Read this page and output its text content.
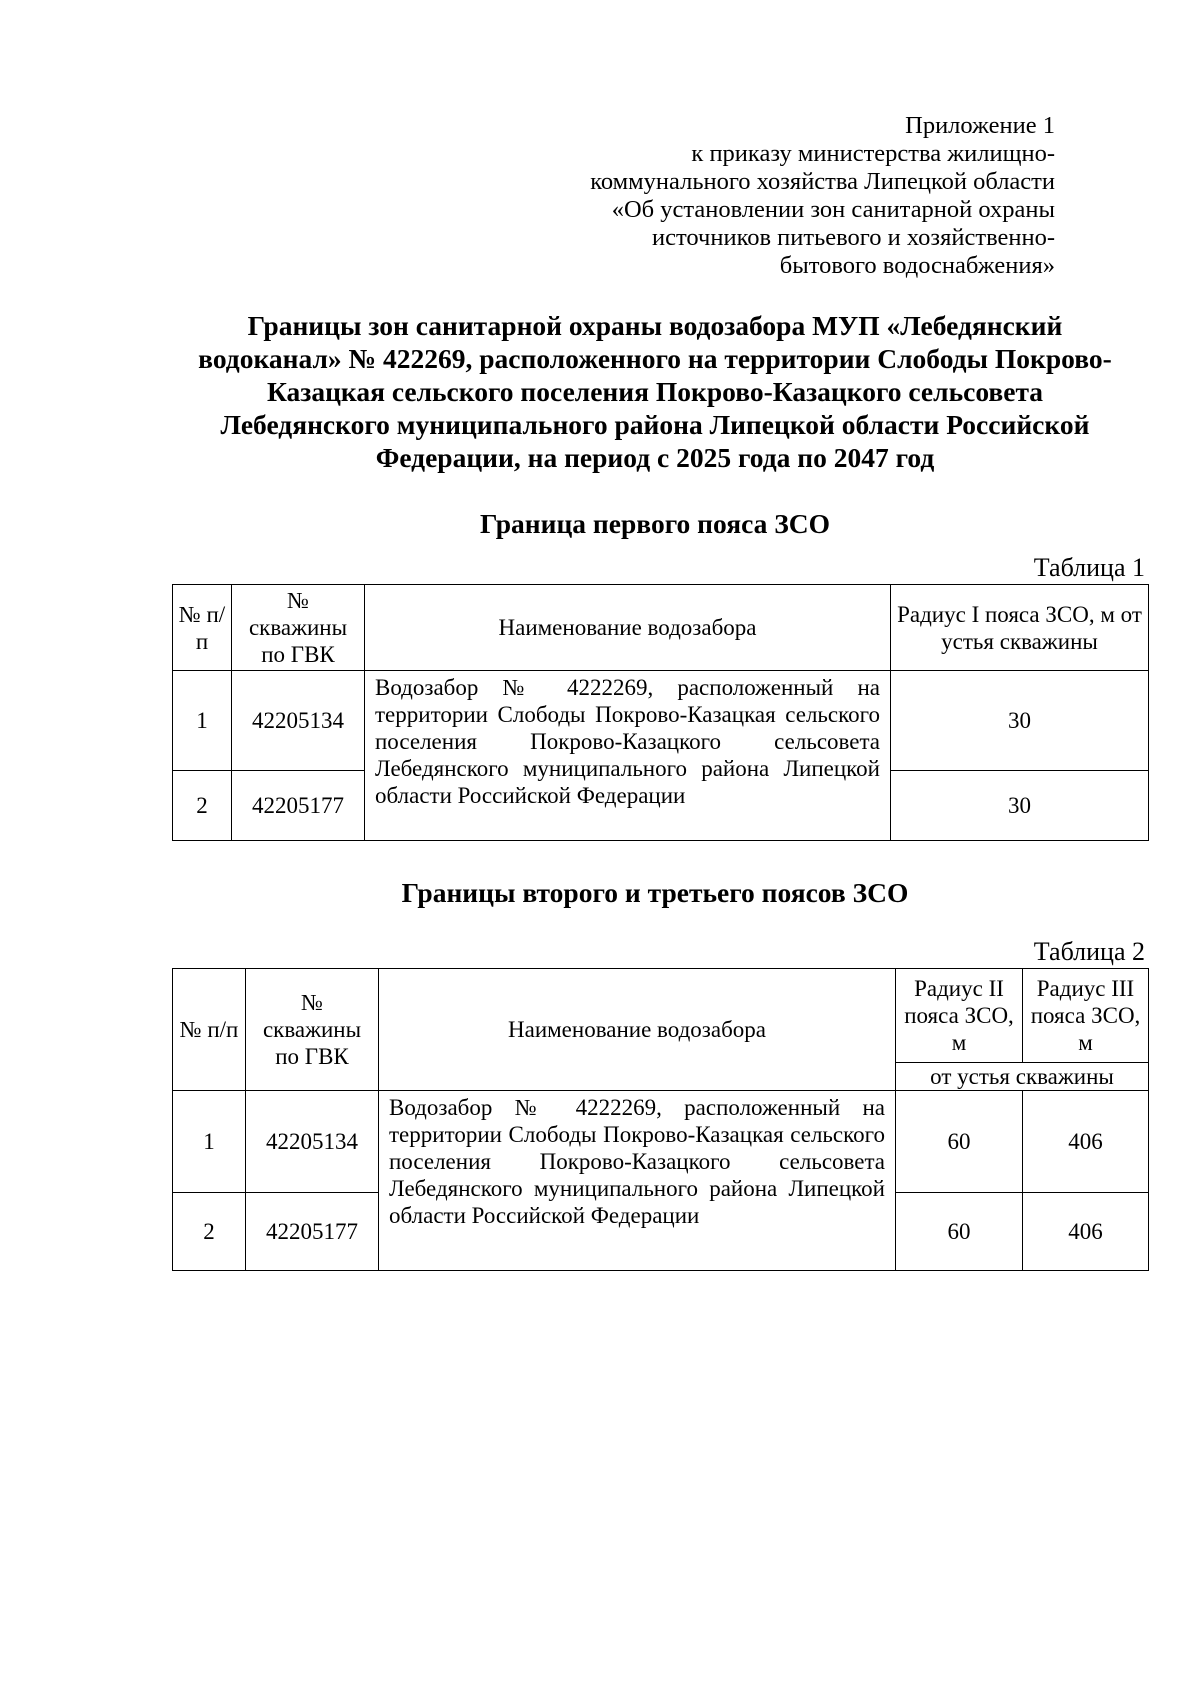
Приложение 1
к приказу министерства жилищно-
коммунального хозяйства Липецкой области
«Об установлении зон санитарной охраны
источников питьевого и хозяйственно-
бытового водоснабжения»
Границы зон санитарной охраны водозабора МУП «Лебедянский
водоканал» № 422269, расположенного на территории Слободы Покрово-
Казацкая сельского поселения Покрово-Казацкого сельсовета
Лебедянского муниципального района Липецкой области Российской
Федерации, на период с 2025 года по 2047 год
Граница первого пояса ЗСО
Таблица 1
№ п/п	№ скважины по ГВК	Наименование водозабора	Радиус I пояса ЗСО, м от устья скважины
1	42205134	Водозабор № 4222269, расположенный на территории Слободы Покрово-Казацкая сельского поселения Покрово-Казацкого сельсовета Лебедянского муниципального района Липецкой области Российской Федерации	30
2	42205177		30
Границы второго и третьего поясов ЗСО
Таблица 2
№ п/п	№ скважины по ГВК	Наименование водозабора	Радиус II пояса ЗСО, м	Радиус III пояса ЗСО, м
			от устья скважины	
1	42205134	Водозабор № 4222269, расположенный на территории Слободы Покрово-Казацкая сельского поселения Покрово-Казацкого сельсовета Лебедянского муниципального района Липецкой области Российской Федерации	60	406
2	42205177		60	406
